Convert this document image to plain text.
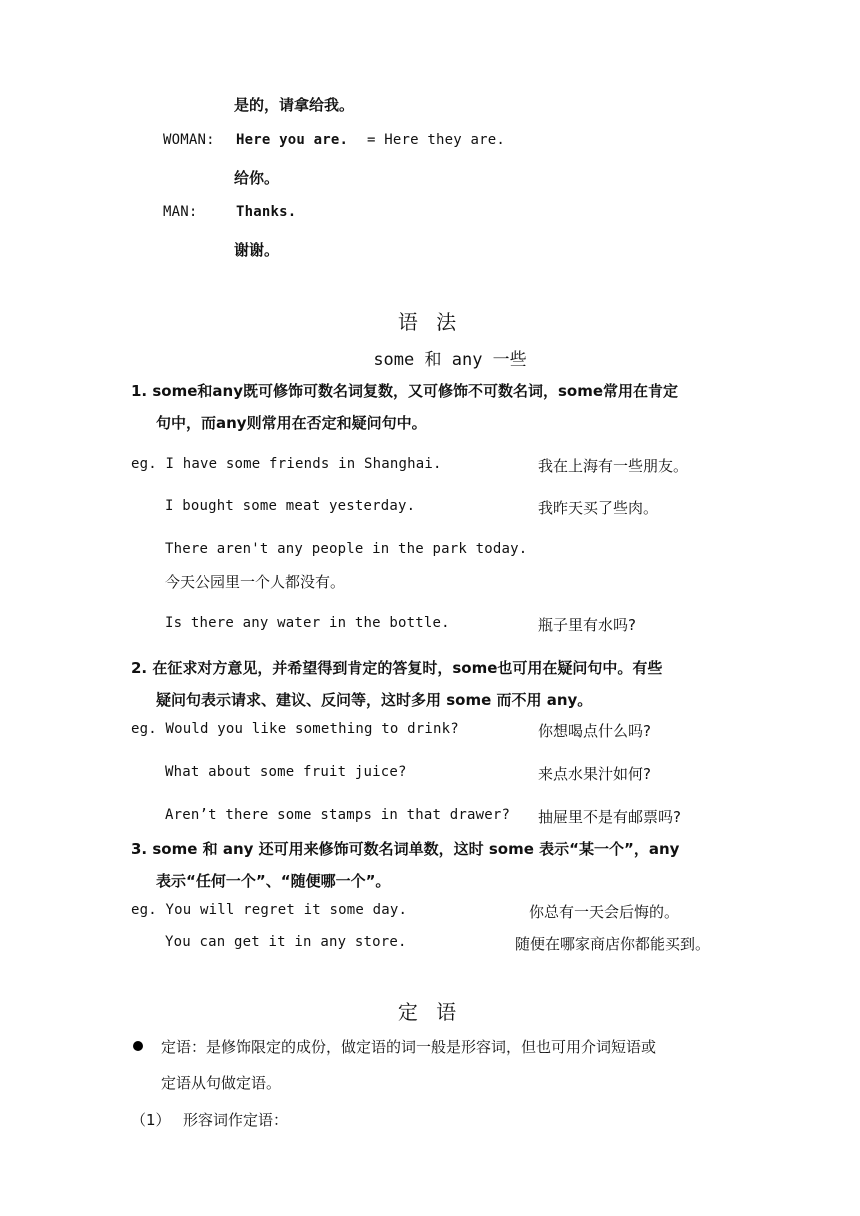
是的，请拿给我。
WOMAN: Here you are. = Here they are.
给你。
MAN:	Thanks.
谢谢。
语 法
some 和 any 一些
1. some和any既可修饰可数名词复数，又可修饰不可数名词，some常用在肯定
句中，而any则常用在否定和疑问句中。
eg. I have some friends in Shanghai.	我在上海有一些朋友。
I bought some meat yesterday.	我昨天买了些肉。
There aren't any people in the park today.
今天公园里一个人都没有。
Is there any water in the bottle.	瓶子里有水吗?
2. 在征求对方意见，并希望得到肯定的答复时，some也可用在疑问句中。有些
疑问句表示请求、建议、反问等，这时多用 some 而不用 any。
eg. Would you like something to drink?	你想喝点什么吗?
What about some fruit juice?	来点水果汁如何?
Aren’t there some stamps in that drawer? 抽屉里不是有邮票吗?
3. some 和 any 还可用来修饰可数名词单数，这时 some 表示“某一个”，any
表示“任何一个”、“随便哪一个”。
eg. You will regret it some day.	你总有一天会后悔的。
You can get it in any store.	随便在哪家商店你都能买到。
定 语
定语：是修饰限定的成份，做定语的词一般是形容词，但也可用介词短语或
定语从句做定语。
（1） 形容词作定语：
